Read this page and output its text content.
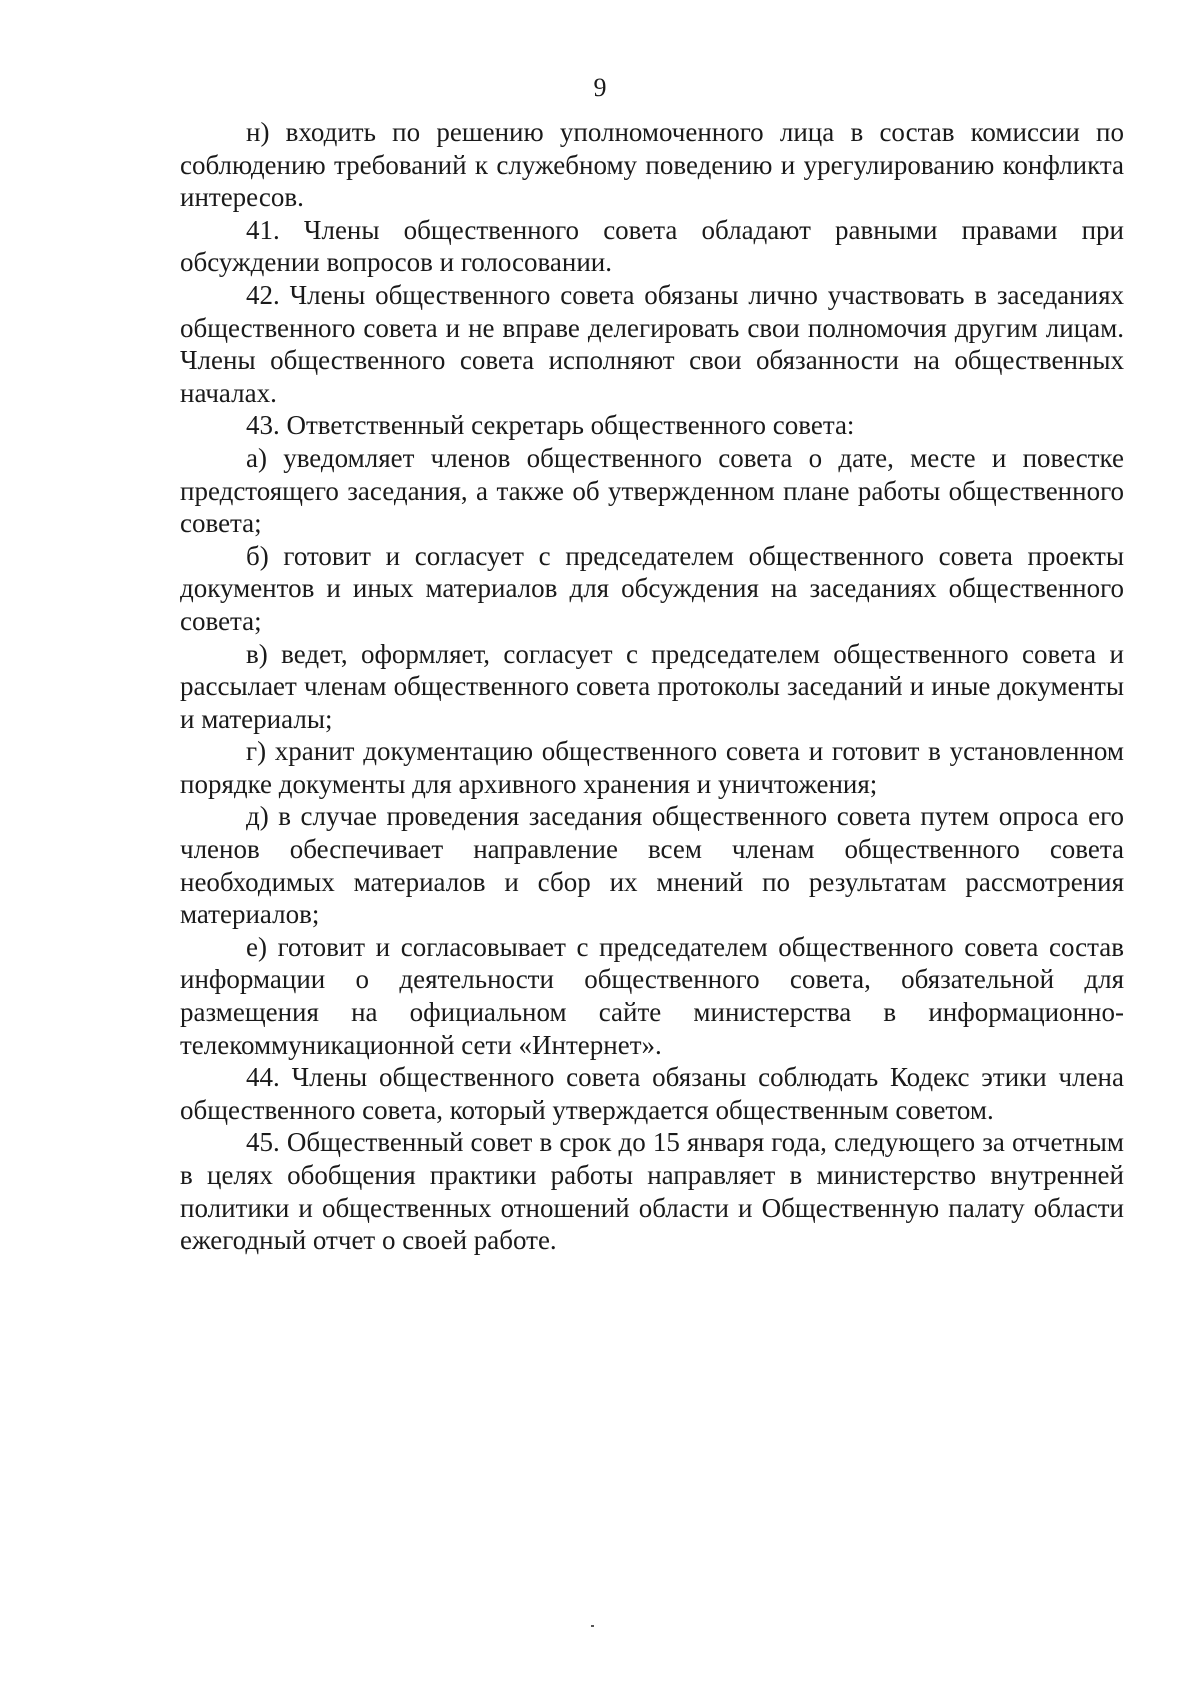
9

н) входить по решению уполномоченного лица в состав комиссии по соблюдению требований к служебному поведению и урегулированию конфликта интересов.

41. Члены общественного совета обладают равными правами при обсуждении вопросов и голосовании.

42. Члены общественного совета обязаны лично участвовать в заседаниях общественного совета и не вправе делегировать свои полномочия другим лицам. Члены общественного совета исполняют свои обязанности на общественных началах.

43. Ответственный секретарь общественного совета:

а) уведомляет членов общественного совета о дате, месте и повестке предстоящего заседания, а также об утвержденном плане работы общественного совета;

б) готовит и согласует с председателем общественного совета проекты документов и иных материалов для обсуждения на заседаниях общественного совета;

в) ведет, оформляет, согласует с председателем общественного совета и рассылает членам общественного совета протоколы заседаний и иные документы и материалы;

г) хранит документацию общественного совета и готовит в установленном порядке документы для архивного хранения и уничтожения;

д) в случае проведения заседания общественного совета путем опроса его членов обеспечивает направление всем членам общественного совета необходимых материалов и сбор их мнений по результатам рассмотрения материалов;

е) готовит и согласовывает с председателем общественного совета состав информации о деятельности общественного совета, обязательной для размещения на официальном сайте министерства в информационно-телекоммуникационной сети «Интернет».

44. Члены общественного совета обязаны соблюдать Кодекс этики члена общественного совета, который утверждается общественным советом.

45. Общественный совет в срок до 15 января года, следующего за отчетным в целях обобщения практики работы направляет в министерство внутренней политики и общественных отношений области и Общественную палату области ежегодный отчет о своей работе.
